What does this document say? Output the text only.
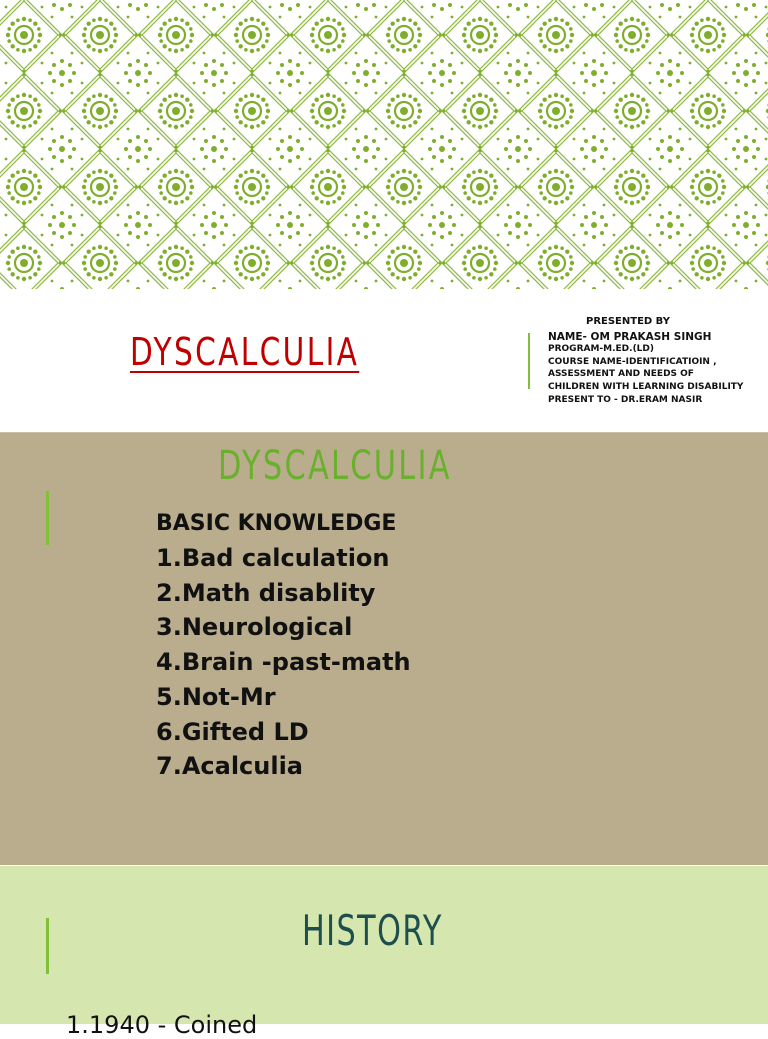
DYSCALCULIA
PRESENTED BY
NAME- OM PRAKASH SINGH
PROGRAM-M.ED.(LD)
COURSE NAME-IDENTIFICATIOIN , ASSESSMENT AND NEEDS OF CHILDREN WITH LEARNING DISABILITY
PRESENT TO - DR.ERAM NASIR
DYSCALCULIA
BASIC KNOWLEDGE
1.Bad calculation
2.Math disablity
3.Neurological
4.Brain -past-math
5.Not-Mr
6.Gifted LD
7.Acalculia
HISTORY
1.1940 - Coined
